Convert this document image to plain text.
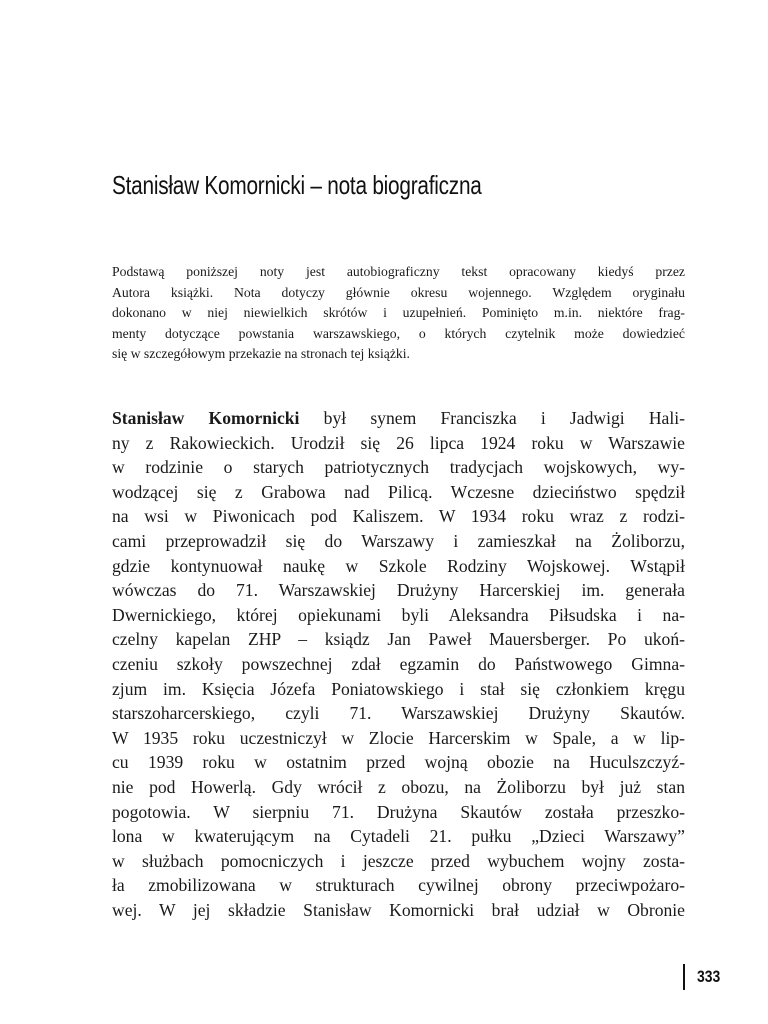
Stanisław Komornicki – nota biograficzna
Podstawą poniższej noty jest autobiograficzny tekst opracowany kiedyś przez
Autora książki. Nota dotyczy głównie okresu wojennego. Względem oryginału
dokonano w niej niewielkich skrótów i uzupełnień. Pominięto m.in. niektóre frag-
menty dotyczące powstania warszawskiego, o których czytelnik może dowiedzieć
się w szczegółowym przekazie na stronach tej książki.
Stanisław Komornicki był synem Franciszka i Jadwigi Hali-
ny z Rakowieckich. Urodził się 26 lipca 1924 roku w Warszawie
w rodzinie o starych patriotycznych tradycjach wojskowych, wy-
wodzącej się z Grabowa nad Pilicą. Wczesne dzieciństwo spędził
na wsi w Piwonicach pod Kaliszem. W 1934 roku wraz z rodzi-
cami przeprowadził się do Warszawy i zamieszkał na Żoliborzu,
gdzie kontynuował naukę w Szkole Rodziny Wojskowej. Wstąpił
wówczas do 71. Warszawskiej Drużyny Harcerskiej im. generała
Dwernickiego, której opiekunami byli Aleksandra Piłsudska i na-
czelny kapelan ZHP – ksiądz Jan Paweł Mauersberger. Po ukoń-
czeniu szkoły powszechnej zdał egzamin do Państwowego Gimna-
zjum im. Księcia Józefa Poniatowskiego i stał się członkiem kręgu
starszoharcerskiego, czyli 71. Warszawskiej Drużyny Skautów.
W 1935 roku uczestniczył w Zlocie Harcerskim w Spale, a w lip-
cu 1939 roku w ostatnim przed wojną obozie na Huculszczyź-
nie pod Howerlą. Gdy wrócił z obozu, na Żoliborzu był już stan
pogotowia. W sierpniu 71. Drużyna Skautów została przeszko-
lona w kwaterującym na Cytadeli 21. pułku „Dzieci Warszawy”
w służbach pomocniczych i jeszcze przed wybuchem wojny zosta-
ła zmobilizowana w strukturach cywilnej obrony przeciwpożaro-
wej. W jej składzie Stanisław Komornicki brał udział w Obronie
333
